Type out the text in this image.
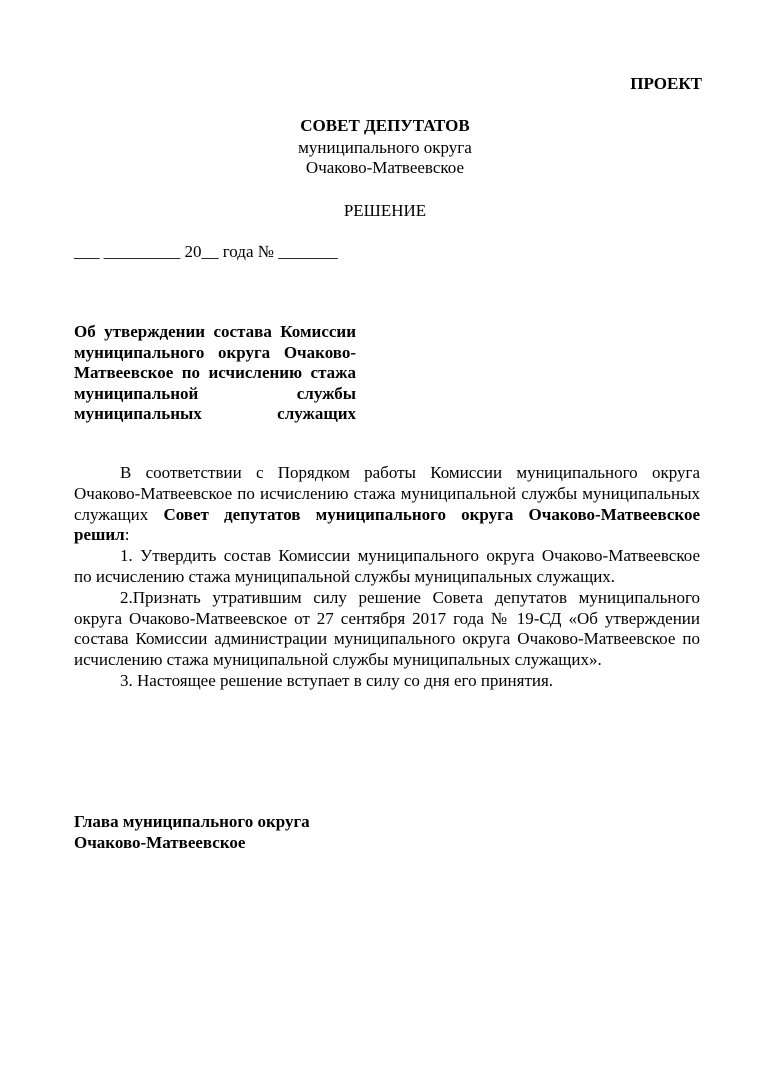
ПРОЕКТ
СОВЕТ ДЕПУТАТОВ
муниципального округа
Очаково-Матвеевское
РЕШЕНИЕ
___ _________ 20__ года № _______
Об утверждении состава Комиссии муниципального округа Очаково-Матвеевское по исчислению стажа муниципальной службы муниципальных служащих

В соответствии с Порядком работы Комиссии муниципального округа Очаково-Матвеевское по исчислению стажа муниципальной службы муниципальных служащих Совет депутатов муниципального округа Очаково-Матвеевское решил:

1. Утвердить состав Комиссии муниципального округа Очаково-Матвеевское по исчислению стажа муниципальной службы муниципальных служащих.

2.Признать утратившим силу решение Совета депутатов муниципального округа Очаково-Матвеевское от 27 сентября 2017 года № 19-СД «Об утверждении состава Комиссии администрации муниципального округа Очаково-Матвеевское по исчислению стажа муниципальной службы муниципальных служащих».

3. Настоящее решение вступает в силу со дня его принятия.

Глава муниципального округа
Очаково-Матвеевское
